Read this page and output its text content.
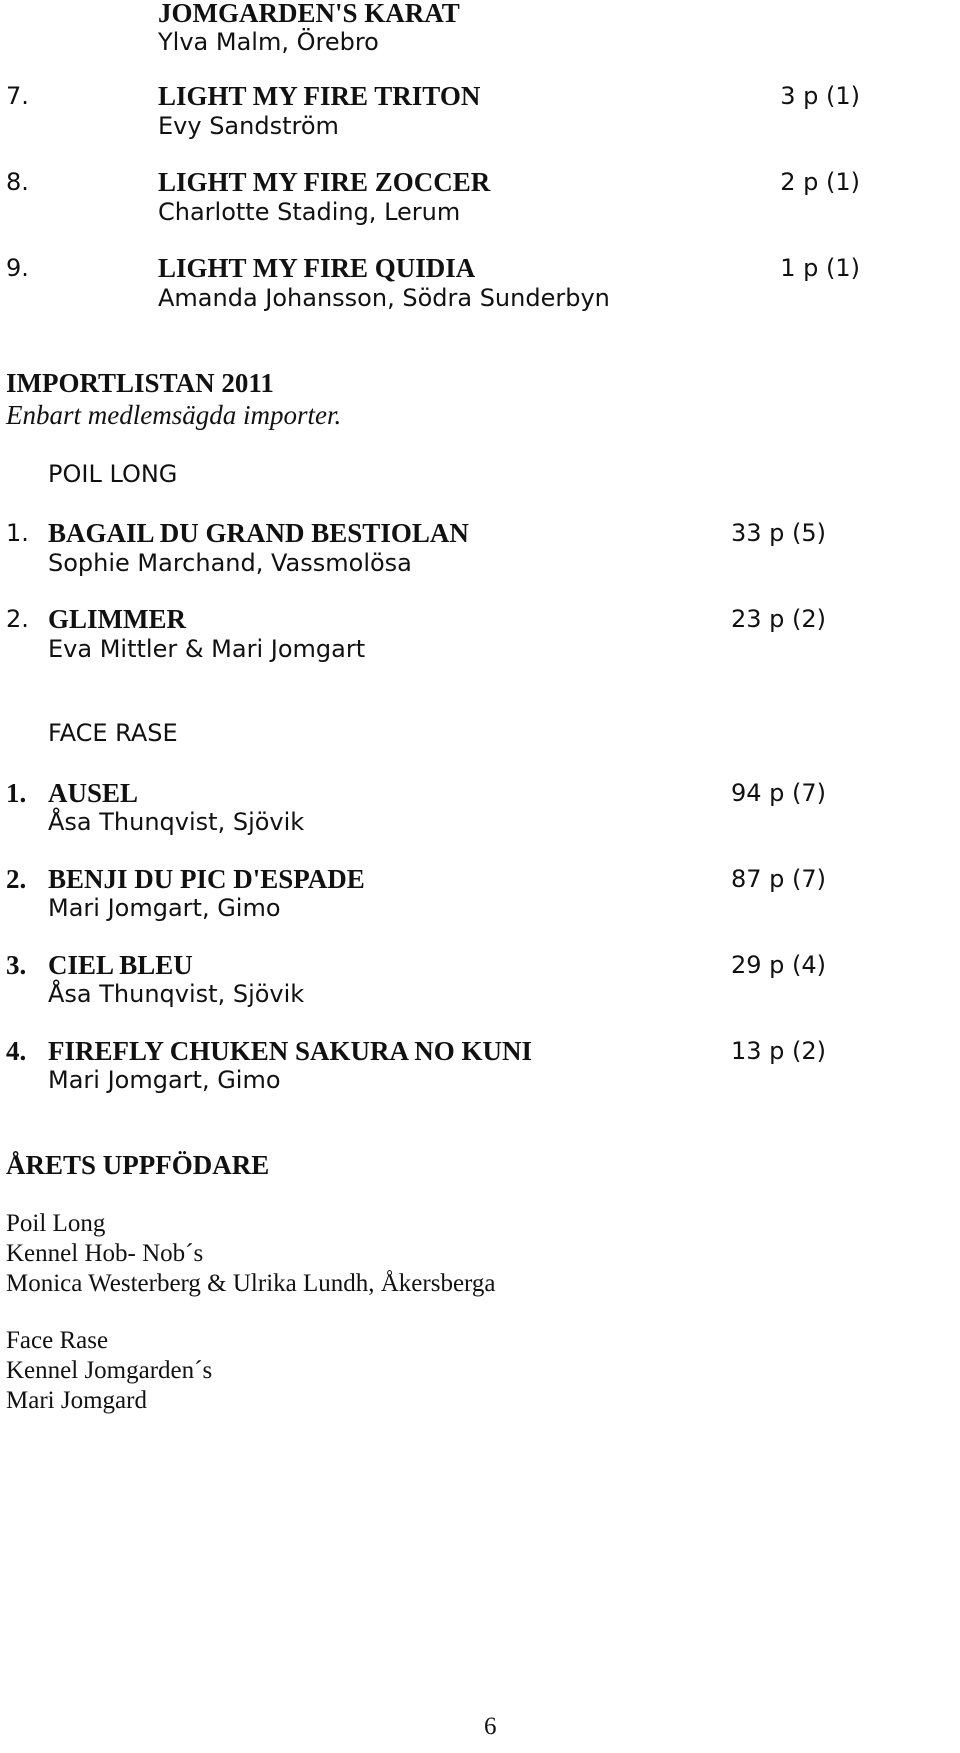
JOMGARDEN'S KARAT
Ylva Malm, Örebro
7.	LIGHT MY FIRE TRITON	3 p (1)
Evy Sandström
8.	LIGHT MY FIRE ZOCCER	2 p (1)
Charlotte Stading, Lerum
9.	LIGHT MY FIRE QUIDIA	1 p (1)
Amanda Johansson, Södra Sunderbyn
IMPORTLISTAN 2011
Enbart medlemsägda importer.
POIL LONG
1. BAGAIL DU GRAND BESTIOLAN	33 p (5)
Sophie Marchand, Vassmolösa
2. GLIMMER	23 p (2)
Eva Mittler & Mari Jomgart
FACE RASE
1. AUSEL	94 p (7)
Åsa Thunqvist, Sjövik
2. BENJI DU PIC D'ESPADE	87 p (7)
Mari Jomgart, Gimo
3. CIEL BLEU	29 p (4)
Åsa Thunqvist, Sjövik
4. FIREFLY CHUKEN SAKURA NO KUNI	13 p (2)
Mari Jomgart, Gimo
ÅRETS UPPFÖDARE
Poil Long
Kennel Hob- Nob´s
Monica Westerberg & Ulrika Lundh, Åkersberga
Face Rase
Kennel Jomgarden´s
Mari Jomgard
6
